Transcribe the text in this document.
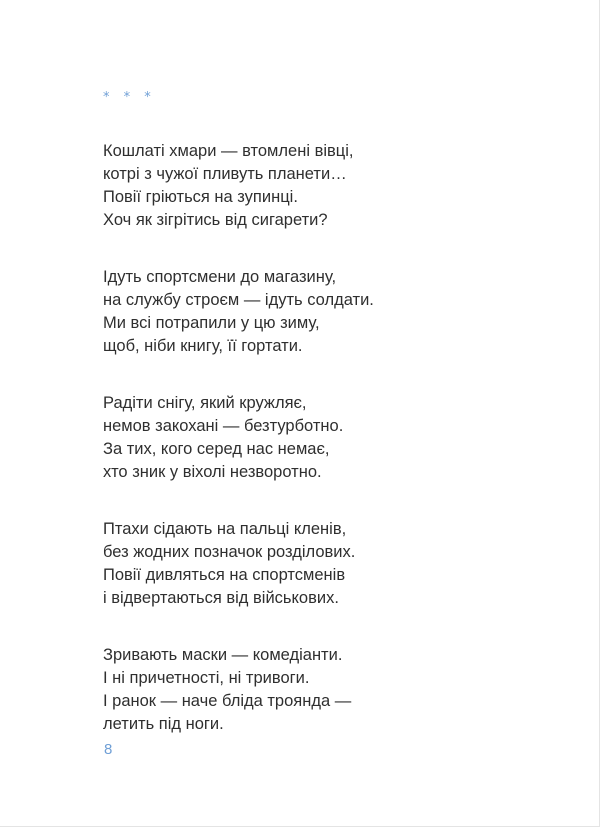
* * *

Кошлаті хмари — втомлені вівці,
котрі з чужої пливуть планети…
Повії гріються на зупинці.
Хоч як зігрітись від сигарети?
Ідуть спортсмени до магазину,
на службу строєм — ідуть солдати.
Ми всі потрапили у цю зиму,
щоб, ніби книгу, її гортати.
Радіти снігу, який кружляє,
немов закохані — безтурботно.
За тих, кого серед нас немає,
хто зник у віхолі незворотно.
Птахи сідають на пальці кленів,
без жодних позначок розділових.
Повії дивляться на спортсменів
і відвертаються від військових.
Зривають маски — комедіанти.
І ні причетності, ні тривоги.
І ранок — наче бліда троянда —
летить під ноги.

8
